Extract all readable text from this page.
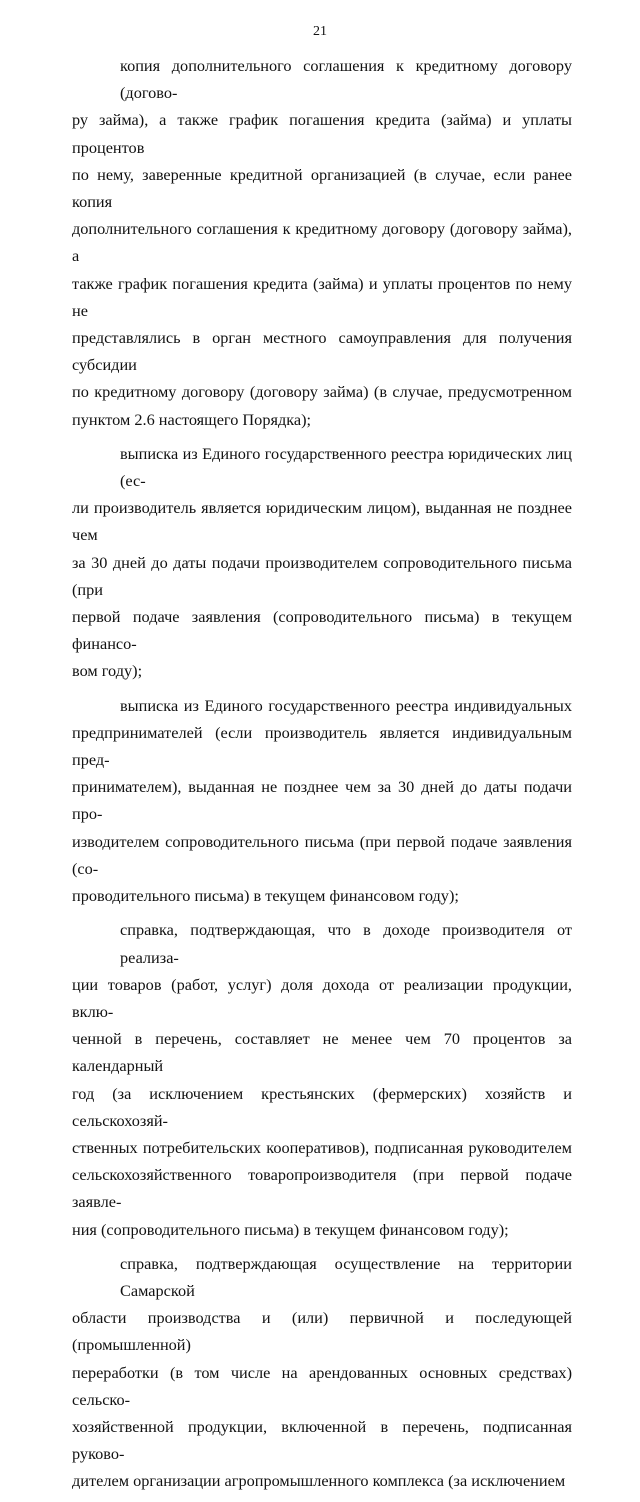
21
копия дополнительного соглашения к кредитному договору (догово-
ру займа), а также график погашения кредита (займа) и уплаты процентов
по нему, заверенные кредитной организацией (в случае, если ранее копия
дополнительного соглашения к кредитному договору (договору займа), а
также график погашения кредита (займа) и уплаты процентов по нему не
представлялись в орган местного самоуправления для получения субсидии
по кредитному договору (договору займа) (в случае, предусмотренном
пунктом 2.6 настоящего Порядка);
выписка из Единого государственного реестра юридических лиц (ес-
ли производитель является юридическим лицом), выданная не позднее чем
за 30 дней до даты подачи производителем сопроводительного письма (при
первой подаче заявления (сопроводительного письма) в текущем финансо-
вом году);
выписка из Единого государственного реестра индивидуальных
предпринимателей (если производитель является индивидуальным пред-
принимателем), выданная не позднее чем за 30 дней до даты подачи про-
изводителем сопроводительного письма (при первой подаче заявления (со-
проводительного письма) в текущем финансовом году);
справка, подтверждающая, что в доходе производителя от реализа-
ции товаров (работ, услуг) доля дохода от реализации продукции, вклю-
ченной в перечень, составляет не менее чем 70 процентов за календарный
год (за исключением крестьянских (фермерских) хозяйств и сельскохозяй-
ственных потребительских кооперативов), подписанная руководителем
сельскохозяйственного товаропроизводителя (при первой подаче заявле-
ния (сопроводительного письма) в текущем финансовом году);
справка, подтверждающая осуществление на территории Самарской
области производства и (или) первичной и последующей (промышленной)
переработки (в том числе на арендованных основных средствах) сельско-
хозяйственной продукции, включенной в перечень, подписанная руково-
дителем организации агропромышленного комплекса (за исключением
